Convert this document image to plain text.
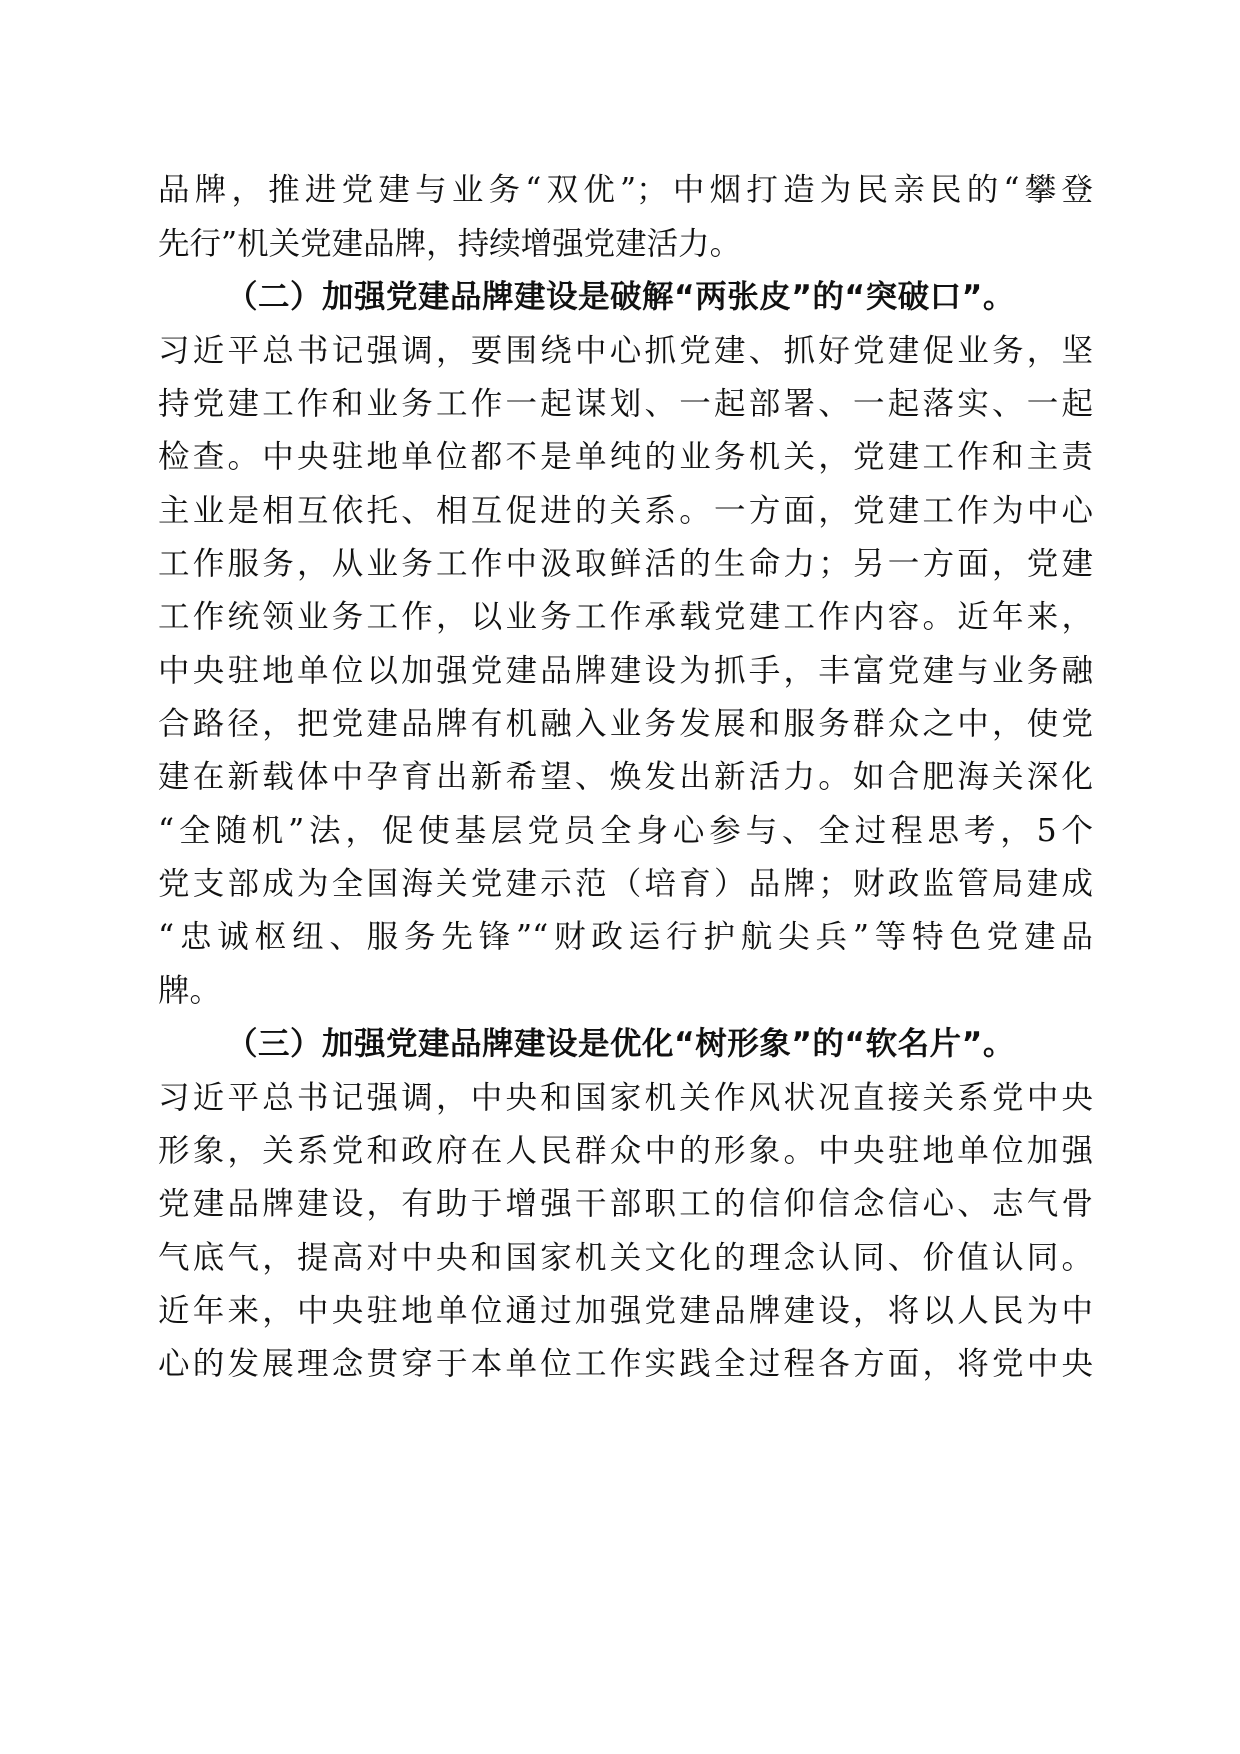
品牌，推进党建与业务“双优”；中烟打造为民亲民的“攀登
先行”机关党建品牌，持续增强党建活力。
（二）加强党建品牌建设是破解“两张皮”的“突破口”。
习近平总书记强调，要围绕中心抓党建、抓好党建促业务，坚
持党建工作和业务工作一起谋划、一起部署、一起落实、一起
检查。中央驻地单位都不是单纯的业务机关，党建工作和主责
主业是相互依托、相互促进的关系。一方面，党建工作为中心
工作服务，从业务工作中汲取鲜活的生命力；另一方面，党建
工作统领业务工作，以业务工作承载党建工作内容。近年来，
中央驻地单位以加强党建品牌建设为抓手，丰富党建与业务融
合路径，把党建品牌有机融入业务发展和服务群众之中，使党
建在新载体中孕育出新希望、焕发出新活力。如合肥海关深化
“全随机”法，促使基层党员全身心参与、全过程思考，5个
党支部成为全国海关党建示范（培育）品牌；财政监管局建成
“忠诚枢纽、服务先锋”“财政运行护航尖兵”等特色党建品
牌。
（三）加强党建品牌建设是优化“树形象”的“软名片”。
习近平总书记强调，中央和国家机关作风状况直接关系党中央
形象，关系党和政府在人民群众中的形象。中央驻地单位加强
党建品牌建设，有助于增强干部职工的信仰信念信心、志气骨
气底气，提高对中央和国家机关文化的理念认同、价值认同。
近年来，中央驻地单位通过加强党建品牌建设，将以人民为中
心的发展理念贯穿于本单位工作实践全过程各方面，将党中央
